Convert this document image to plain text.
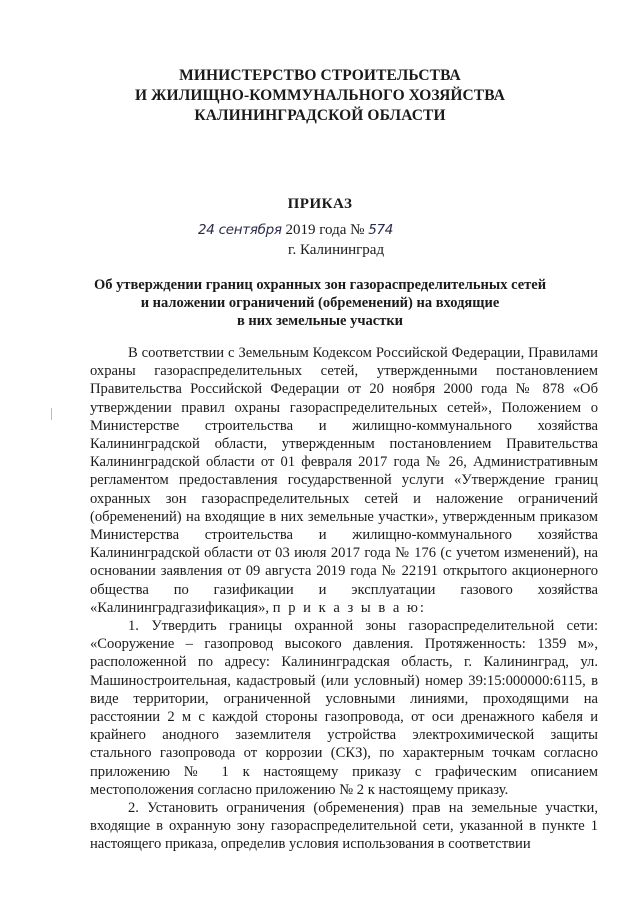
МИНИСТЕРСТВО СТРОИТЕЛЬСТВА
И ЖИЛИЩНО-КОММУНАЛЬНОГО ХОЗЯЙСТВА
КАЛИНИНГРАДСКОЙ ОБЛАСТИ
ПРИКАЗ
24 сентября 2019 года № 574
г. Калининград
Об утверждении границ охранных зон газораспределительных сетей
и наложении ограничений (обременений) на входящие
в них земельные участки

В соответствии с Земельным Кодексом Российской Федерации, Правилами охраны газораспределительных сетей, утвержденными постановлением Правительства Российской Федерации от 20 ноября 2000 года № 878 «Об утверждении правил охраны газораспределительных сетей», Положением о Министерстве строительства и жилищно-коммунального хозяйства Калининградской области, утвержденным постановлением Правительства Калининградской области от 01 февраля 2017 года № 26, Административным регламентом предоставления государственной услуги «Утверждение границ охранных зон газораспределительных сетей и наложение ограничений (обременений) на входящие в них земельные участки», утвержденным приказом Министерства строительства и жилищно-коммунального хозяйства Калининградской области от 03 июля 2017 года № 176 (с учетом изменений), на основании заявления от 09 августа 2019 года № 22191 открытого акционерного общества по газификации и эксплуатации газового хозяйства «Калининградгазификация», п р и к а з ы в а ю:

1. Утвердить границы охранной зоны газораспределительной сети: «Сооружение – газопровод высокого давления. Протяженность: 1359 м», расположенной по адресу: Калининградская область, г. Калининград, ул. Машиностроительная, кадастровый (или условный) номер 39:15:000000:6115, в виде территории, ограниченной условными линиями, проходящими на расстоянии 2 м с каждой стороны газопровода, от оси дренажного кабеля и крайнего анодного заземлителя устройства электрохимической защиты стального газопровода от коррозии (СКЗ), по характерным точкам согласно приложению № 1 к настоящему приказу с графическим описанием местоположения согласно приложению № 2 к настоящему приказу.

2. Установить ограничения (обременения) прав на земельные участки, входящие в охранную зону газораспределительной сети, указанной в пункте 1 настоящего приказа, определив условия использования в соответствии
